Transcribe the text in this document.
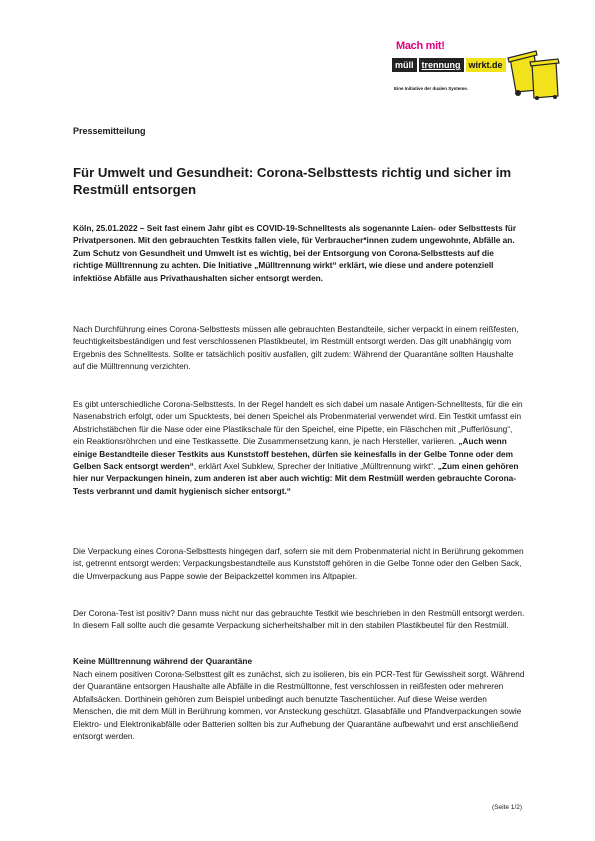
Mach mit!
müll trennung wirkt.de
Eine Initiative der dualen Systeme.
Pressemitteilung
Für Umwelt und Gesundheit: Corona-Selbsttests richtig und sicher im Restmüll entsorgen

Köln, 25.01.2022 – Seit fast einem Jahr gibt es COVID-19-Schnelltests als sogenannte Laien- oder Selbsttests für Privatpersonen. Mit den gebrauchten Testkits fallen viele, für Verbraucher*innen zudem ungewohnte, Abfälle an. Zum Schutz von Gesundheit und Umwelt ist es wichtig, bei der Entsorgung von Corona-Selbsttests auf die richtige Mülltrennung zu achten. Die Initiative „Mülltrennung wirkt“ erklärt, wie diese und andere potenziell infektiöse Abfälle aus Privathaushalten sicher entsorgt werden.

Nach Durchführung eines Corona-Selbsttests müssen alle gebrauchten Bestandteile, sicher verpackt in einem reißfesten, feuchtigkeitsbeständigen und fest verschlossenen Plastikbeutel, im Restmüll entsorgt werden. Das gilt unabhängig vom Ergebnis des Schnelltests. Sollte er tatsächlich positiv ausfallen, gilt zudem: Während der Quarantäne sollten Haushalte auf die Mülltrennung verzichten.

Es gibt unterschiedliche Corona-Selbsttests. In der Regel handelt es sich dabei um nasale Antigen-Schnelltests, für die ein Nasenabstrich erfolgt, oder um Spucktests, bei denen Speichel als Probenmaterial verwendet wird. Ein Testkit umfasst ein Abstrichstäbchen für die Nase oder eine Plastikschale für den Speichel, eine Pipette, ein Fläschchen mit „Pufferlösung“, ein Reaktionsröhrchen und eine Testkassette. Die Zusammensetzung kann, je nach Hersteller, variieren. „Auch wenn einige Bestandteile dieser Testkits aus Kunststoff bestehen, dürfen sie keinesfalls in der Gelbe Tonne oder dem Gelben Sack entsorgt werden“, erklärt Axel Subklew, Sprecher der Initiative „Mülltrennung wirkt“. „Zum einen gehören hier nur Verpackungen hinein, zum anderen ist aber auch wichtig: Mit dem Restmüll werden gebrauchte Corona-Tests verbrannt und damit hygienisch sicher entsorgt.“

Die Verpackung eines Corona-Selbsttests hingegen darf, sofern sie mit dem Probenmaterial nicht in Berührung gekommen ist, getrennt entsorgt werden: Verpackungsbestandteile aus Kunststoff gehören in die Gelbe Tonne oder den Gelben Sack, die Umverpackung aus Pappe sowie der Beipackzettel kommen ins Altpapier.

Der Corona-Test ist positiv? Dann muss nicht nur das gebrauchte Testkit wie beschrieben in den Restmüll entsorgt werden. In diesem Fall sollte auch die gesamte Verpackung sicherheitshalber mit in den stabilen Plastikbeutel für den Restmüll.

Keine Mülltrennung während der Quarantäne

Nach einem positiven Corona-Selbsttest gilt es zunächst, sich zu isolieren, bis ein PCR-Test für Gewissheit sorgt. Während der Quarantäne entsorgen Haushalte alle Abfälle in die Restmülltonne, fest verschlossen in reißfesten oder mehreren Abfallsäcken. Dorthinein gehören zum Beispiel unbedingt auch benutzte Taschentücher. Auf diese Weise werden Menschen, die mit dem Müll in Berührung kommen, vor Ansteckung geschützt. Glasabfälle und Pfandverpackungen sowie Elektro- und Elektronikabfälle oder Batterien sollten bis zur Aufhebung der Quarantäne aufbewahrt und erst anschließend entsorgt werden.

(Seite 1/2)
